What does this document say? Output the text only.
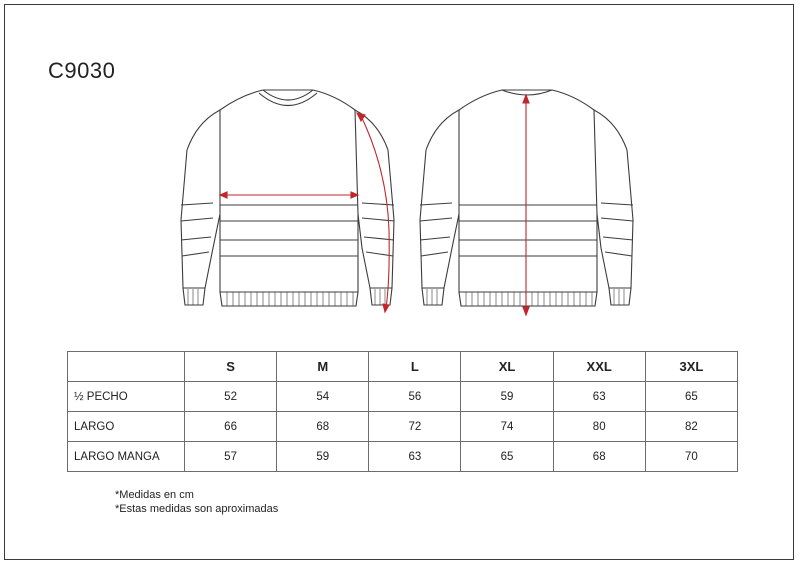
C9030
	S	M	L	XL	XXL	3XL
½ PECHO	52	54	56	59	63	65
LARGO	66	68	72	74	80	82
LARGO MANGA	57	59	63	65	68	70
*Medidas en cm
*Estas medidas son aproximadas
